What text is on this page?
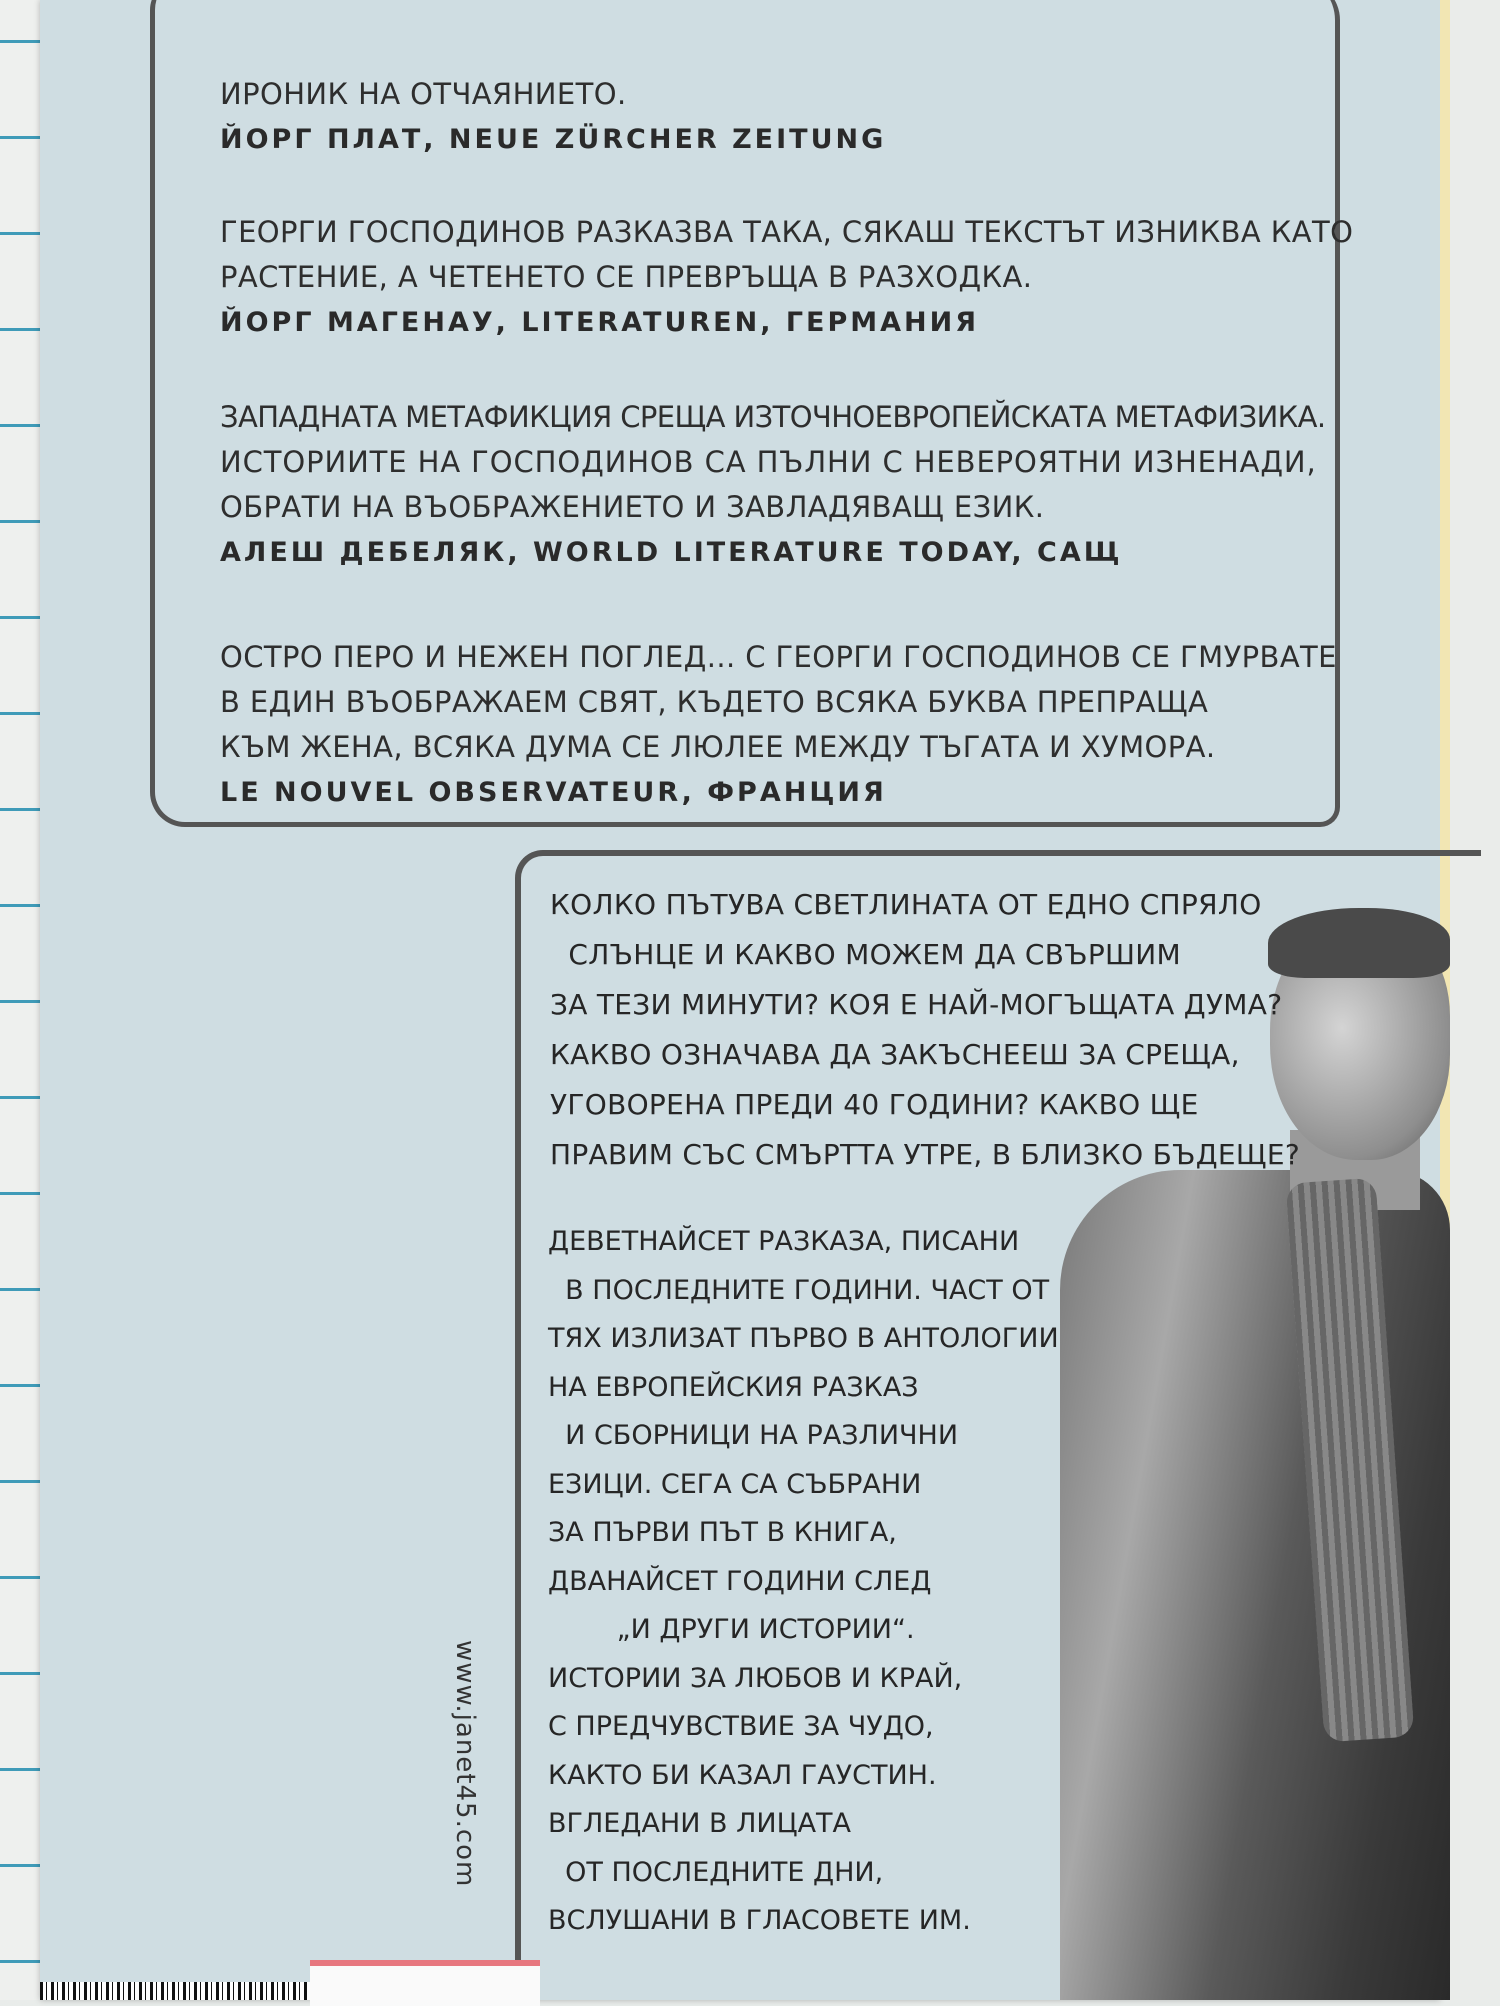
ИРОНИК НА ОТЧАЯНИЕТО.

ЙОРГ ПЛАТ, NEUE ZÜRCHER ZEITUNG

ГЕОРГИ ГОСПОДИНОВ РАЗКАЗВА ТАКА, СЯКАШ ТЕКСТЪТ ИЗНИКВА КАТО
РАСТЕНИЕ, А ЧЕТЕНЕТО СЕ ПРЕВРЪЩА В РАЗХОДКА.

ЙОРГ МАГЕНАУ, LITERATUREN, ГЕРМАНИЯ

ЗАПАДНАТА МЕТАФИКЦИЯ СРЕЩА ИЗТОЧНОЕВРОПЕЙСКАТА МЕТАФИЗИКА.
ИСТОРИИТЕ НА ГОСПОДИНОВ СА ПЪЛНИ С НЕВЕРОЯТНИ ИЗНЕНАДИ,
ОБРАТИ НА ВЪОБРАЖЕНИЕТО И ЗАВЛАДЯВАЩ ЕЗИК.

АЛЕШ ДЕБЕЛЯК, WORLD LITERATURE TODAY, САЩ

ОСТРО ПЕРО И НЕЖЕН ПОГЛЕД... С ГЕОРГИ ГОСПОДИНОВ СЕ ГМУРВАТЕ
В ЕДИН ВЪОБРАЖАЕМ СВЯТ, КЪДЕТО ВСЯКА БУКВА ПРЕПРАЩА
КЪМ ЖЕНА, ВСЯКА ДУМА СЕ ЛЮЛЕЕ МЕЖДУ ТЪГАТА И ХУМОРА.

LE NOUVEL OBSERVATEUR, ФРАНЦИЯ

КОЛКО ПЪТУВА СВЕТЛИНАТА ОТ ЕДНО СПРЯЛО
СЛЪНЦЕ И КАКВО МОЖЕМ ДА СВЪРШИМ
ЗА ТЕЗИ МИНУТИ? КОЯ Е НАЙ-МОГЪЩАТА ДУМА?
КАКВО ОЗНАЧАВА ДА ЗАКЪСНЕЕШ ЗА СРЕЩА,
УГОВОРЕНА ПРЕДИ 40 ГОДИНИ? КАКВО ЩЕ
ПРАВИМ СЪС СМЪРТТА УТРЕ, В БЛИЗКО БЪДЕЩЕ?
ДЕВЕТНАЙСЕТ РАЗКАЗА, ПИСАНИ
В ПОСЛЕДНИТЕ ГОДИНИ. ЧАСТ ОТ
ТЯХ ИЗЛИЗАТ ПЪРВО В АНТОЛОГИИ
НА ЕВРОПЕЙСКИЯ РАЗКАЗ
И СБОРНИЦИ НА РАЗЛИЧНИ
ЕЗИЦИ. СЕГА СА СЪБРАНИ
ЗА ПЪРВИ ПЪТ В КНИГА,
ДВАНАЙСЕТ ГОДИНИ СЛЕД
„И ДРУГИ ИСТОРИИ“.
ИСТОРИИ ЗА ЛЮБОВ И КРАЙ,
С ПРЕДЧУВСТВИЕ ЗА ЧУДО,
КАКТО БИ КАЗАЛ ГАУСТИН.
ВГЛЕДАНИ В ЛИЦАТА
ОТ ПОСЛЕДНИТЕ ДНИ,
ВСЛУШАНИ В ГЛАСОВЕТЕ ИМ.
www.janet45.com
